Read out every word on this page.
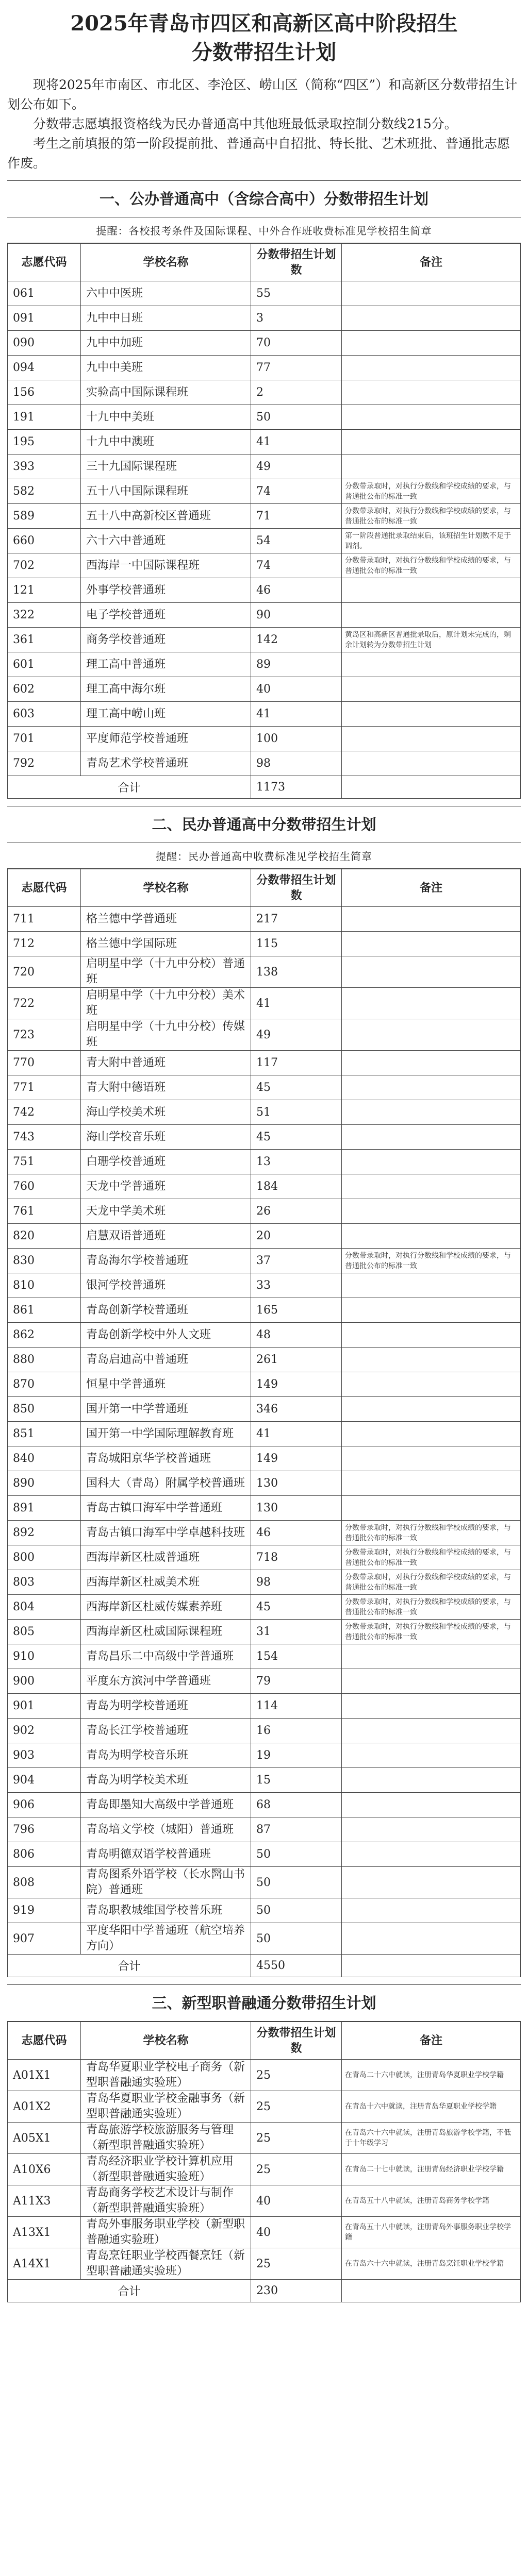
2025年青岛市四区和高新区高中阶段招生
分数带招生计划

现将2025年市南区、市北区、李沧区、崂山区（简称“四区”）和高新区分数带招生计划公布如下。

分数带志愿填报资格线为民办普通高中其他班最低录取控制分数线215分。

考生之前填报的第一阶段提前批、普通高中自招批、特长批、艺术班批、普通批志愿作废。

一、公办普通高中（含综合高中）分数带招生计划
提醒：各校报考条件及国际课程、中外合作班收费标准见学校招生简章
志愿代码	学校名称	分数带招生计划数	备注
061	六中中医班	55	
091	九中中日班	3	
090	九中中加班	70	
094	九中中美班	77	
156	实验高中国际课程班	2	
191	十九中中美班	50	
195	十九中中澳班	41	
393	三十九国际课程班	49	
582	五十八中国际课程班	74	分数带录取时，对执行分数线和学校成绩的要求，与普通批公布的标准一致
589	五十八中高新校区普通班	71	分数带录取时，对执行分数线和学校成绩的要求，与普通批公布的标准一致
660	六十六中普通班	54	第一阶段普通批录取结束后，该班招生计划数不足于调剂。
702	西海岸一中国际课程班	74	分数带录取时，对执行分数线和学校成绩的要求，与普通批公布的标准一致
121	外事学校普通班	46	
322	电子学校普通班	90	
361	商务学校普通班	142	黄岛区和高新区普通批录取后，原计划未完成的，剩余计划转为分数带招生计划
601	理工高中普通班	89	
602	理工高中海尔班	40	
603	理工高中崂山班	41	
701	平度师范学校普通班	100	
792	青岛艺术学校普通班	98	
合计		1173	
二、民办普通高中分数带招生计划
提醒：民办普通高中收费标准见学校招生简章
志愿代码	学校名称	分数带招生计划数	备注
711	格兰德中学普通班	217	
712	格兰德中学国际班	115	
720	启明星中学（十九中分校）普通班	138	
722	启明星中学（十九中分校）美术班	41	
723	启明星中学（十九中分校）传媒班	49	
770	青大附中普通班	117	
771	青大附中德语班	45	
742	海山学校美术班	51	
743	海山学校音乐班	45	
751	白珊学校普通班	13	
760	天龙中学普通班	184	
761	天龙中学美术班	26	
820	启慧双语普通班	20	
830	青岛海尔学校普通班	37	分数带录取时，对执行分数线和学校成绩的要求，与普通批公布的标准一致
810	银河学校普通班	33	
861	青岛创新学校普通班	165	
862	青岛创新学校中外人文班	48	
880	青岛启迪高中普通班	261	
870	恒星中学普通班	149	
850	国开第一中学普通班	346	
851	国开第一中学国际理解教育班	41	
840	青岛城阳京华学校普通班	149	
890	国科大（青岛）附属学校普通班	130	
891	青岛古镇口海军中学普通班	130	
892	青岛古镇口海军中学卓越科技班	46	分数带录取时，对执行分数线和学校成绩的要求，与普通批公布的标准一致
800	西海岸新区杜威普通班	718	分数带录取时，对执行分数线和学校成绩的要求，与普通批公布的标准一致
803	西海岸新区杜威美术班	98	分数带录取时，对执行分数线和学校成绩的要求，与普通批公布的标准一致
804	西海岸新区杜威传媒素养班	45	分数带录取时，对执行分数线和学校成绩的要求，与普通批公布的标准一致
805	西海岸新区杜威国际课程班	31	分数带录取时，对执行分数线和学校成绩的要求，与普通批公布的标准一致
910	青岛昌乐二中高级中学普通班	154	
900	平度东方滨河中学普通班	79	
901	青岛为明学校普通班	114	
902	青岛长江学校普通班	16	
903	青岛为明学校音乐班	19	
904	青岛为明学校美术班	15	
906	青岛即墨知大高级中学普通班	68	
796	青岛培文学校（城阳）普通班	87	
806	青岛明德双语学校普通班	50	
808	青岛图系外语学校（长水醫山书院）普通班	50	
919	青岛职教城维国学校普乐班	50	
907	平度华阳中学普通班（航空培养方向）	50	
合计		4550	
三、新型职普融通分数带招生计划
志愿代码	学校名称	分数带招生计划数	备注
A01X1	青岛华夏职业学校电子商务（新型职普融通实验班）	25	在青岛二十六中就读，注册青岛华夏职业学校学籍
A01X2	青岛华夏职业学校金融事务（新型职普融通实验班）	25	在青岛十六中就读，注册青岛华夏职业学校学籍
A05X1	青岛旅游学校旅游服务与管理（新型职普融通实验班）	25	在青岛六十六中就读，注册青岛旅游学校学籍，不低于十年级学习
A10X6	青岛经济职业学校计算机应用（新型职普融通实验班）	25	在青岛二十七中就读，注册青岛经济职业学校学籍
A11X3	青岛商务学校艺术设计与制作（新型职普融通实验班）	40	在青岛五十八中就读，注册青岛商务学校学籍
A13X1	青岛外事服务职业学校（新型职普融通实验班）	40	在青岛五十八中就读，注册青岛外事服务职业学校学籍
A14X1	青岛烹饪职业学校西餐烹饪（新型职普融通实验班）	25	在青岛六十六中就读，注册青岛烹饪职业学校学籍
合计		230	
